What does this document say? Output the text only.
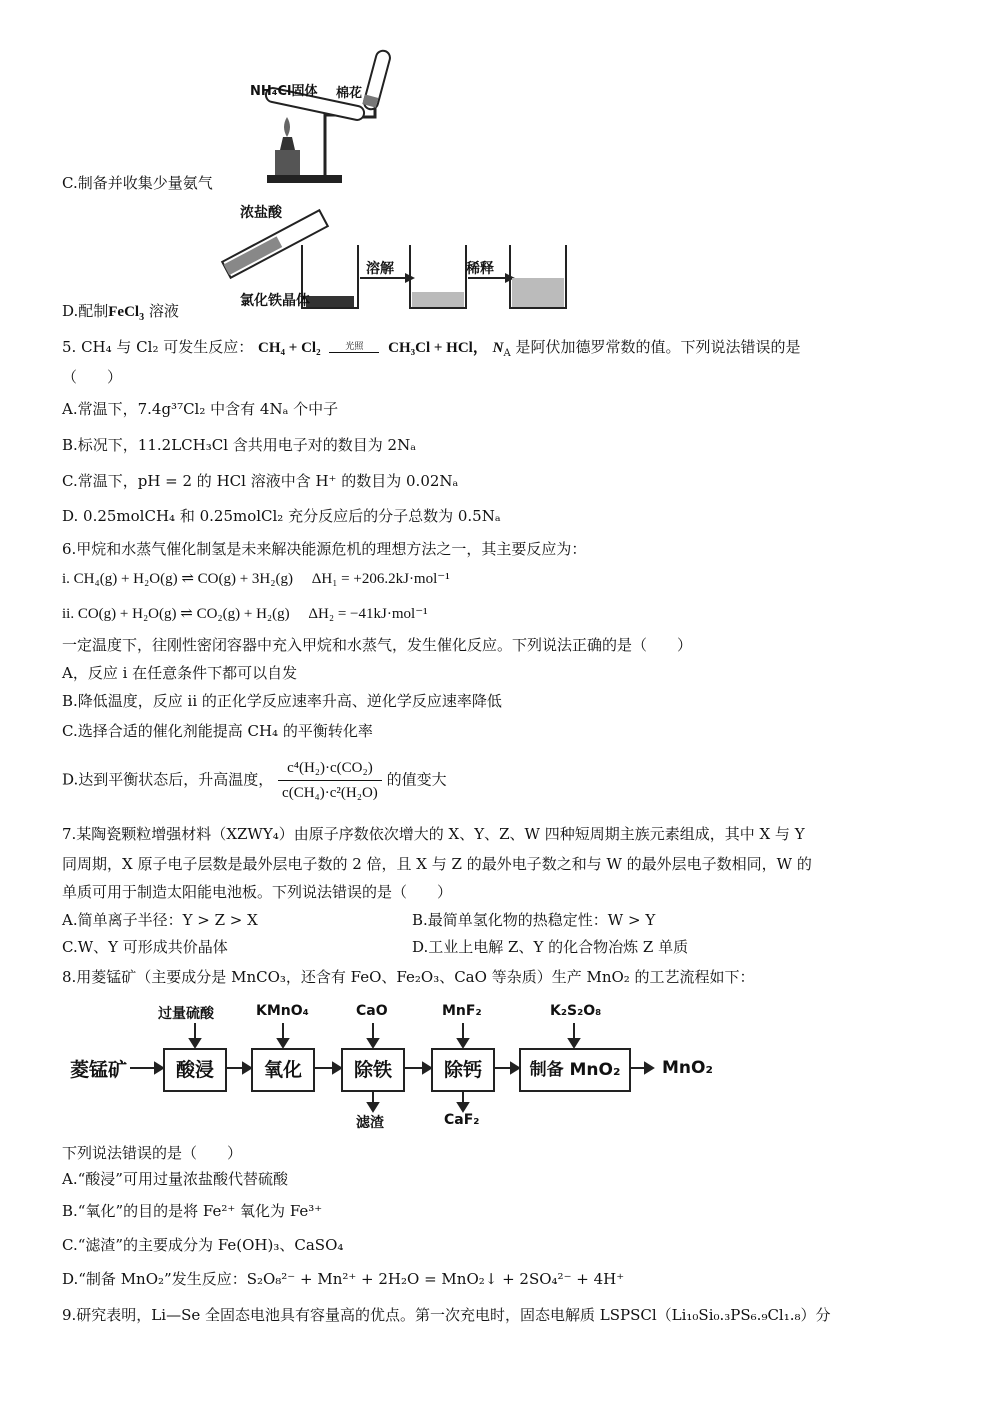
NH₄Cl固体 棉花
C.制备并收集少量氨气
浓盐酸
氯化铁晶体
溶解	稀释
D.配制FeCl$_3$ 溶液
5. CH₄ 与 Cl₂ 可发生反应： CH₄ + Cl₂	光照	CH₃Cl + HCl， $N_A$ 是阿伏加德罗常数的值。下列说法错误的是
（　　）
A.常温下，7.4g³⁷Cl₂ 中含有 4Nₐ 个中子
B.标况下，11.2LCH₃Cl 含共用电子对的数目为 2Nₐ
C.常温下，pH = 2 的 HCl 溶液中含 H⁺ 的数目为 0.02Nₐ
D. 0.25molCH₄ 和 0.25molCl₂ 充分反应后的分子总数为 0.5Nₐ
6.甲烷和水蒸气催化制氢是未来解决能源危机的理想方法之一，其主要反应为：
i. CH₄(g) + H₂O(g) ⇌ CO(g) + 3H₂(g)　 ΔH₁ = +206.2kJ·mol⁻¹
ii. CO(g) + H₂O(g) ⇌ CO₂(g) + H₂(g)　 ΔH₂ = −41kJ·mol⁻¹
一定温度下，往刚性密闭容器中充入甲烷和水蒸气，发生催化反应。下列说法正确的是（　　）
A，反应 i 在任意条件下都可以自发
B.降低温度，反应 ii 的正化学反应速率升高、逆化学反应速率降低
C.选择合适的催化剂能提高 CH₄ 的平衡转化率
D.达到平衡状态后，升高温度， $\frac{\text{c⁴(H₂)·c(CO₂)}}{\text{c(CH₄)·c²(H₂O)}}$ 的值变大
7.某陶瓷颗粒增强材料（XZWY₄）由原子序数依次增大的 X、Y、Z、W 四种短周期主族元素组成，其中 X 与 Y
同周期，X 原子电子层数是最外层电子数的 2 倍，且 X 与 Z 的最外电子数之和与 W 的最外层电子数相同，W 的
单质可用于制造太阳能电池板。下列说法错误的是（　　）
A.简单离子半径：Y > Z > X	B.最简单氢化物的热稳定性：W > Y
C.W、Y 可形成共价晶体	D.工业上电解 Z、Y 的化合物冶炼 Z 单质
8.用菱锰矿（主要成分是 MnCO₃，还含有 FeO、Fe₂O₃、CaO 等杂质）生产 MnO₂ 的工艺流程如下：
菱锰矿	酸浸	氧化	除铁	除钙	制备 MnO₂	MnO₂
过量硫酸	KMnO₄	CaO	MnF₂	K₂S₂O₈
滤渣	CaF₂
下列说法错误的是（　　）
A.“酸浸”可用过量浓盐酸代替硫酸
B.“氧化”的目的是将 Fe²⁺ 氧化为 Fe³⁺
C.“滤渣”的主要成分为 Fe(OH)₃、CaSO₄
D.“制备 MnO₂”发生反应：S₂O₈²⁻ + Mn²⁺ + 2H₂O = MnO₂↓ + 2SO₄²⁻ + 4H⁺
9.研究表明，Li—Se 全固态电池具有容量高的优点。第一次充电时，固态电解质 LSPSCl（Li₁₀Si₀.₃PS₆.₉Cl₁.₈）分
